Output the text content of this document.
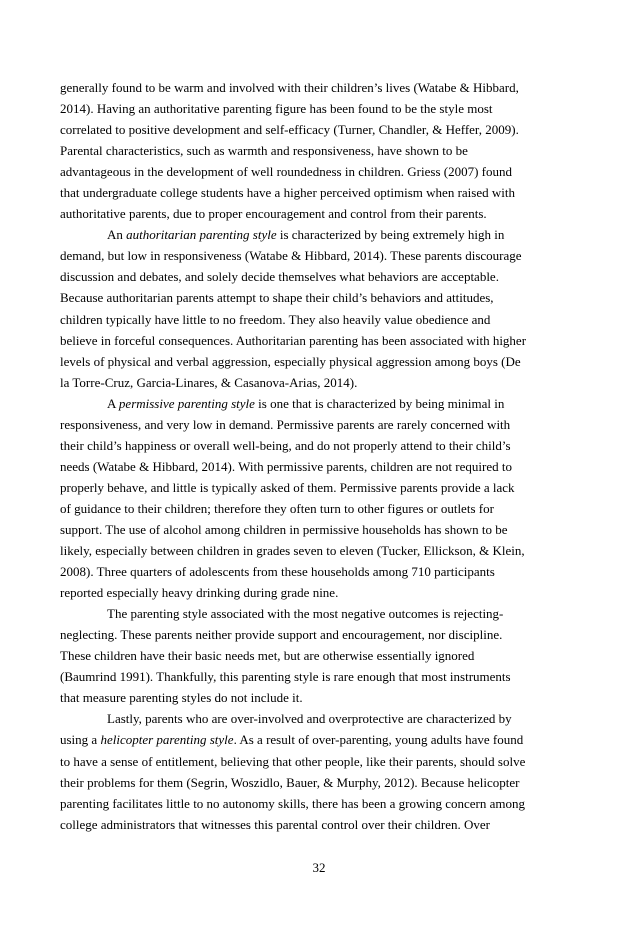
generally found to be warm and involved with their children’s lives (Watabe & Hibbard,
2014). Having an authoritative parenting figure has been found to be the style most
correlated to positive development and self-efficacy (Turner, Chandler, & Heffer, 2009).
Parental characteristics, such as warmth and responsiveness, have shown to be
advantageous in the development of well roundedness in children. Griess (2007) found
that undergraduate college students have a higher perceived optimism when raised with
authoritative parents, due to proper encouragement and control from their parents.
An authoritarian parenting style is characterized by being extremely high in
demand, but low in responsiveness (Watabe & Hibbard, 2014). These parents discourage
discussion and debates, and solely decide themselves what behaviors are acceptable.
Because authoritarian parents attempt to shape their child’s behaviors and attitudes,
children typically have little to no freedom. They also heavily value obedience and
believe in forceful consequences. Authoritarian parenting has been associated with higher
levels of physical and verbal aggression, especially physical aggression among boys (De
la Torre-Cruz, Garcia-Linares, & Casanova-Arias, 2014).
A permissive parenting style is one that is characterized by being minimal in
responsiveness, and very low in demand. Permissive parents are rarely concerned with
their child’s happiness or overall well-being, and do not properly attend to their child’s
needs (Watabe & Hibbard, 2014). With permissive parents, children are not required to
properly behave, and little is typically asked of them. Permissive parents provide a lack
of guidance to their children; therefore they often turn to other figures or outlets for
support. The use of alcohol among children in permissive households has shown to be
likely, especially between children in grades seven to eleven (Tucker, Ellickson, & Klein,
2008). Three quarters of adolescents from these households among 710 participants
reported especially heavy drinking during grade nine.
The parenting style associated with the most negative outcomes is rejecting-
neglecting. These parents neither provide support and encouragement, nor discipline.
These children have their basic needs met, but are otherwise essentially ignored
(Baumrind 1991). Thankfully, this parenting style is rare enough that most instruments
that measure parenting styles do not include it.
Lastly, parents who are over-involved and overprotective are characterized by
using a helicopter parenting style. As a result of over-parenting, young adults have found
to have a sense of entitlement, believing that other people, like their parents, should solve
their problems for them (Segrin, Woszidlo, Bauer, & Murphy, 2012). Because helicopter
parenting facilitates little to no autonomy skills, there has been a growing concern among
college administrators that witnesses this parental control over their children. Over
32
